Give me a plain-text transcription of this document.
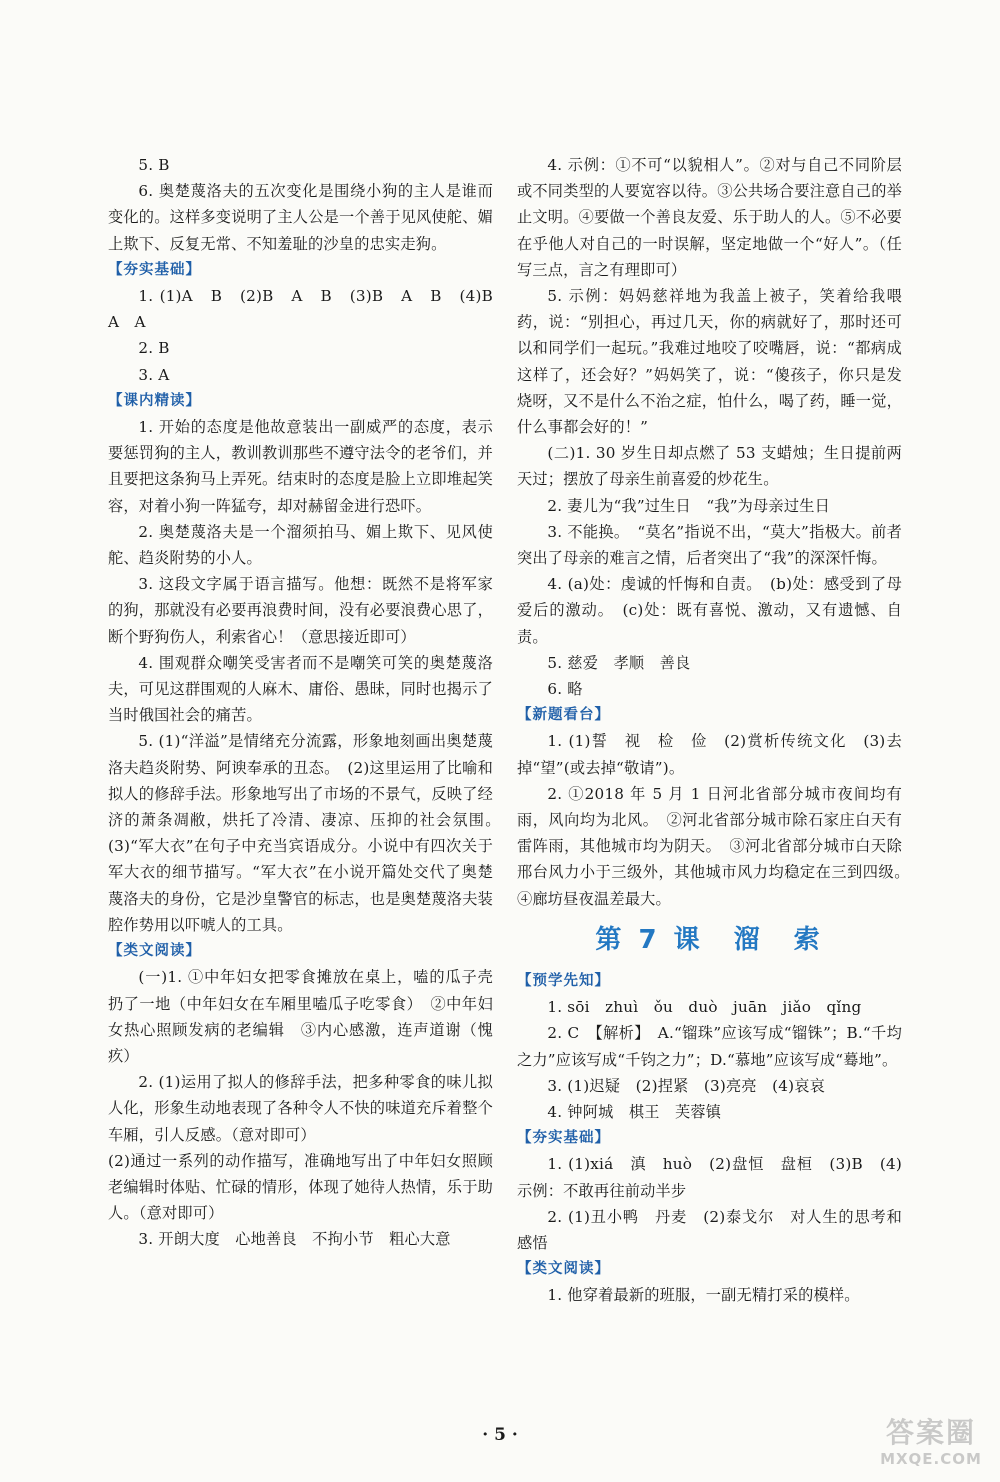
5. B

6. 奥楚蔑洛夫的五次变化是围绕小狗的主人是谁而变化的。这样多变说明了主人公是一个善于见风使舵、媚上欺下、反复无常、不知羞耻的沙皇的忠实走狗。

【夯实基础】

1. (1)A　B　(2)B　A　B　(3)B　A　B　(4)B　A　A

2. B

3. A

【课内精读】

1. 开始的态度是他故意装出一副威严的态度，表示要惩罚狗的主人，教训教训那些不遵守法令的老爷们，并且要把这条狗马上弄死。结束时的态度是脸上立即堆起笑容，对着小狗一阵猛夸，却对赫留金进行恐吓。

2. 奥楚蔑洛夫是一个溜须拍马、媚上欺下、见风使舵、趋炎附势的小人。

3. 这段文字属于语言描写。他想：既然不是将军家的狗，那就没有必要再浪费时间，没有必要浪费心思了，断个野狗伤人，利索省心！（意思接近即可）

4. 围观群众嘲笑受害者而不是嘲笑可笑的奥楚蔑洛夫，可见这群围观的人麻木、庸俗、愚昧，同时也揭示了当时俄国社会的痛苦。

5. (1)“洋溢”是情绪充分流露，形象地刻画出奥楚蔑洛夫趋炎附势、阿谀奉承的丑态。　(2)这里运用了比喻和拟人的修辞手法。形象地写出了市场的不景气，反映了经济的萧条凋敝，烘托了冷清、凄凉、压抑的社会氛围。　(3)“军大衣”在句子中充当宾语成分。小说中有四次关于军大衣的细节描写。“军大衣”在小说开篇处交代了奥楚蔑洛夫的身份，它是沙皇警官的标志，也是奥楚蔑洛夫装腔作势用以吓唬人的工具。

【类文阅读】

(一)1. ①中年妇女把零食摊放在桌上，嗑的瓜子壳扔了一地（中年妇女在车厢里嗑瓜子吃零食）　②中年妇女热心照顾发病的老编辑　③内心感激，连声道谢（愧疚）

2. (1)运用了拟人的修辞手法，把多种零食的味儿拟人化，形象生动地表现了各种令人不快的味道充斥着整个车厢，引人反感。（意对即可）

(2)通过一系列的动作描写，准确地写出了中年妇女照顾老编辑时体贴、忙碌的情形，体现了她待人热情，乐于助人。（意对即可）

3. 开朗大度　心地善良　不拘小节　粗心大意

4. 示例：①不可“以貌相人”。②对与自己不同阶层或不同类型的人要宽容以待。③公共场合要注意自己的举止文明。④要做一个善良友爱、乐于助人的人。⑤不必要在乎他人对自己的一时误解，坚定地做一个“好人”。（任写三点，言之有理即可）

5. 示例：妈妈慈祥地为我盖上被子，笑着给我喂药，说：“别担心，再过几天，你的病就好了，那时还可以和同学们一起玩。”我难过地咬了咬嘴唇，说：“都病成这样了，还会好？”妈妈笑了，说：“傻孩子，你只是发烧呀，又不是什么不治之症，怕什么，喝了药，睡一觉，什么事都会好的！”

(二)1. 30 岁生日却点燃了 53 支蜡烛；生日提前两天过；摆放了母亲生前喜爱的炒花生。

2. 妻儿为“我”过生日　“我”为母亲过生日

3. 不能换。　“莫名”指说不出，“莫大”指极大。前者突出了母亲的难言之情，后者突出了“我”的深深忏悔。

4. (a)处：虔诚的忏悔和自责。　(b)处：感受到了母爱后的激动。　(c)处：既有喜悦、激动，又有遗憾、自责。

5. 慈爱　孝顺　善良

6. 略

【新题看台】

1. (1)誓　视　检　俭　(2)赏析传统文化　(3)去掉“望”(或去掉“敬请”)。

2. ①2018 年 5 月 1 日河北省部分城市夜间均有雨，风向均为北风。　②河北省部分城市除石家庄白天有雷阵雨，其他城市均为阴天。　③河北省部分城市白天除邢台风力小于三级外，其他城市风力均稳定在三到四级。　④廊坊昼夜温差最大。

第 7 课　溜　索
【预学先知】

1. sōi　zhuì　ǒu　duò　juān　jiǎo　qǐng

2. C　【解析】　A.“镏珠”应该写成“镏铢”；B.“千均之力”应该写成“千钧之力”；D.“慕地”应该写成“蓦地”。

3. (1)迟疑　(2)捏紧　(3)亮亮　(4)哀哀

4. 钟阿城　棋王　芙蓉镇

【夯实基础】

1. (1)xiá　滇　huò　(2)盘恒　盘桓　(3)B　(4)示例：不敢再往前动半步

2. (1)丑小鸭　丹麦　(2)泰戈尔　对人生的思考和感悟

【类文阅读】

1. 他穿着最新的班服，一副无精打采的模样。

· 5 ·	答案圈
MXQE.COM
